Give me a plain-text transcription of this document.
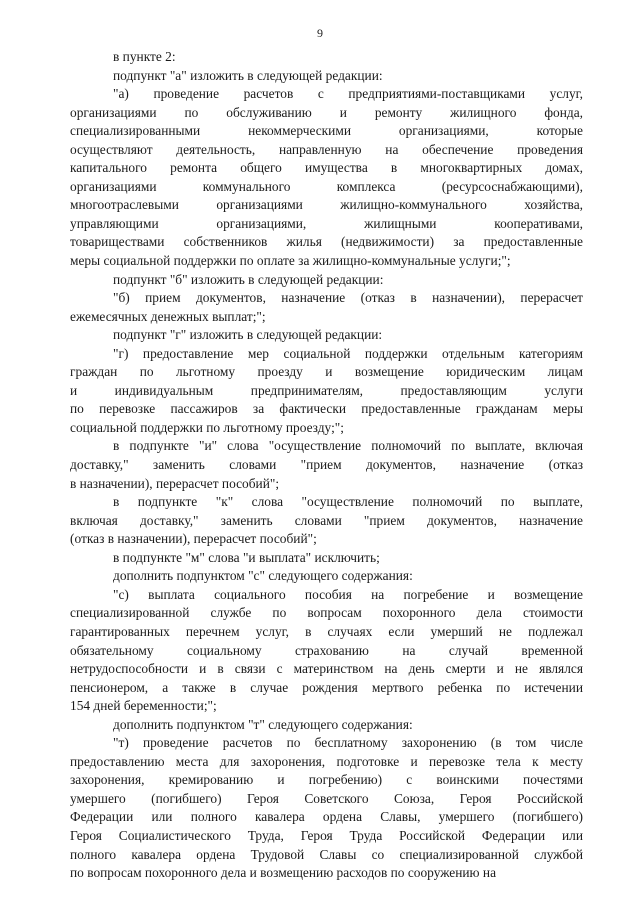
9
в пункте 2:
подпункт "а" изложить в следующей редакции:
"а) проведение расчетов с предприятиями-поставщиками услуг,
организациями по обслуживанию и ремонту жилищного фонда,
специализированными некоммерческими организациями, которые
осуществляют деятельность, направленную на обеспечение проведения
капитального ремонта общего имущества в многоквартирных домах,
организациями коммунального комплекса (ресурсоснабжающими),
многоотраслевыми организациями жилищно-коммунального хозяйства,
управляющими организациями, жилищными кооперативами,
товариществами собственников жилья (недвижимости) за предоставленные
меры социальной поддержки по оплате за жилищно-коммунальные услуги;";
подпункт "б" изложить в следующей редакции:
"б) прием документов, назначение (отказ в назначении), перерасчет
ежемесячных денежных выплат;";
подпункт "г" изложить в следующей редакции:
"г) предоставление мер социальной поддержки отдельным категориям
граждан по льготному проезду и возмещение юридическим лицам
и индивидуальным предпринимателям, предоставляющим услуги
по перевозке пассажиров за фактически предоставленные гражданам меры
социальной поддержки по льготному проезду;";
в подпункте "и" слова "осуществление полномочий по выплате, включая
доставку," заменить словами "прием документов, назначение (отказ
в назначении), перерасчет пособий";
в подпункте "к" слова "осуществление полномочий по выплате,
включая доставку," заменить словами "прием документов, назначение
(отказ в назначении), перерасчет пособий";
в подпункте "м" слова "и выплата" исключить;
дополнить подпунктом "с" следующего содержания:
"с) выплата социального пособия на погребение и возмещение
специализированной службе по вопросам похоронного дела стоимости
гарантированных перечнем услуг, в случаях если умерший не подлежал
обязательному социальному страхованию на случай временной
нетрудоспособности и в связи с материнством на день смерти и не являлся
пенсионером, а также в случае рождения мертвого ребенка по истечении
154 дней беременности;";
дополнить подпунктом "т" следующего содержания:
"т) проведение расчетов по бесплатному захоронению (в том числе
предоставлению места для захоронения, подготовке и перевозке тела к месту
захоронения, кремированию и погребению) с воинскими почестями
умершего (погибшего) Героя Советского Союза, Героя Российской
Федерации или полного кавалера ордена Славы, умершего (погибшего)
Героя Социалистического Труда, Героя Труда Российской Федерации или
полного кавалера ордена Трудовой Славы со специализированной службой
по вопросам похоронного дела и возмещению расходов по сооружению на
